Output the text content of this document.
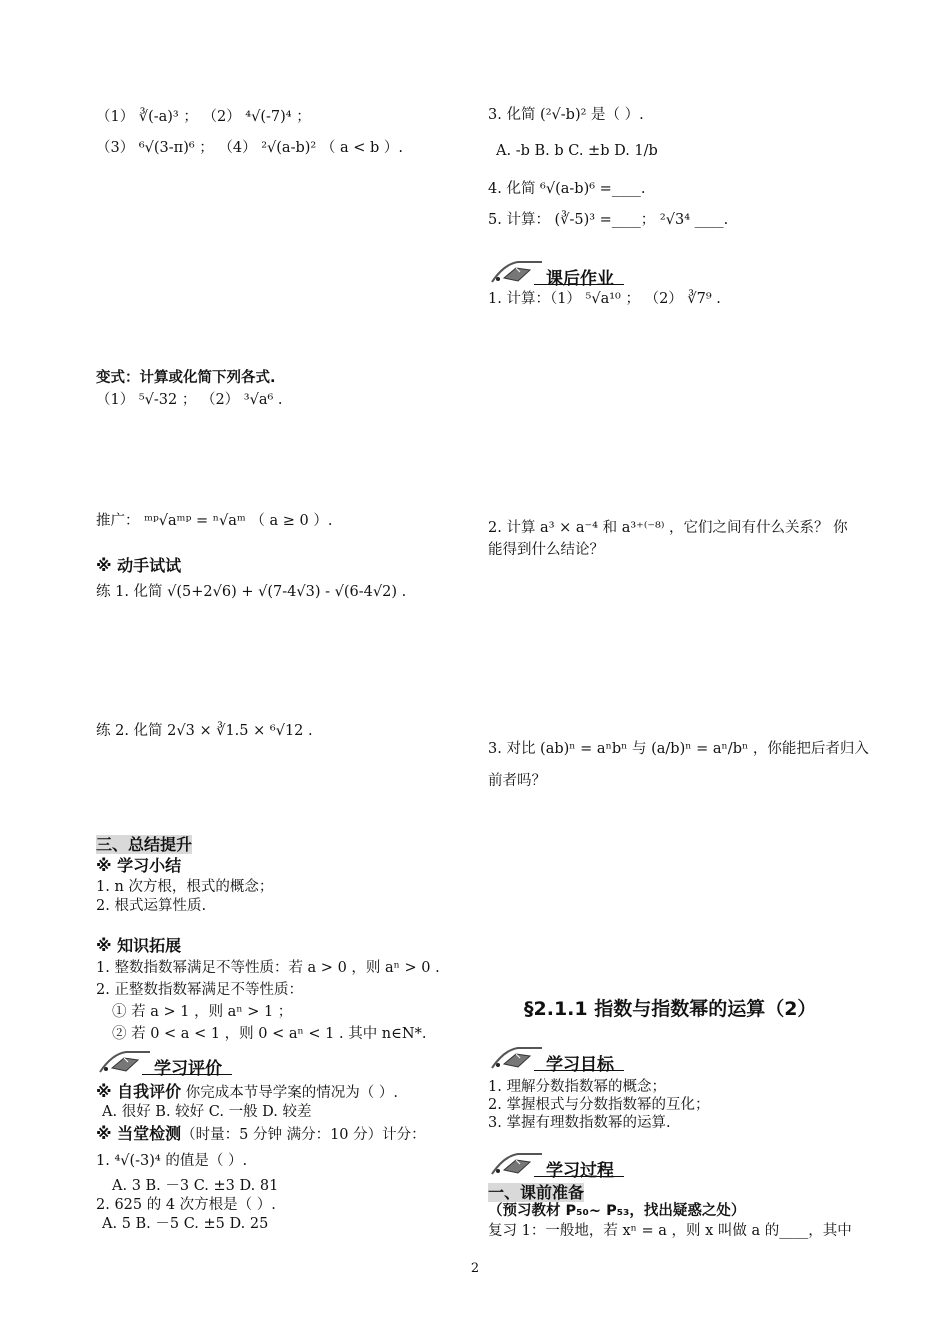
（1） ∛(-a)³ ； （2） ⁴√(-7)⁴ ；
（3） ⁶√(3-π)⁶ ； （4） ²√(a-b)² （ a < b ）.
变式：计算或化简下列各式.
（1） ⁵√-32 ； （2） ³√a⁶ .
推广： ᵐᵖ√aᵐᵖ = ⁿ√aᵐ （ a ≥ 0 ）.
※ 动手试试
练 1. 化简 √(5+2√6) + √(7-4√3) - √(6-4√2) .
练 2. 化简 2√3 × ∛1.5 × ⁶√12 .
三、总结提升
※ 学习小结
1. n 次方根，根式的概念；
2. 根式运算性质.
※ 知识拓展
1. 整数指数幂满足不等性质：若 a > 0 ，则 aⁿ > 0 .
2. 正整数指数幂满足不等性质：
① 若 a > 1 ，则 aⁿ > 1 ；
② 若 0 < a < 1 ，则 0 < aⁿ < 1 . 其中 n∈N*.
学习评价
※ 自我评价 你完成本节导学案的情况为（ ）.
A. 很好 B. 较好 C. 一般 D. 较差
※ 当堂检测（时量：5 分钟 满分：10 分）计分：
1. ⁴√(-3)⁴ 的值是（ ）.
A. 3 B. －3 C. ±3 D. 81
2. 625 的 4 次方根是（ ）.
A. 5 B. －5 C. ±5 D. 25
3. 化简 (²√-b)² 是（ ）.
A. -b B. b C. ±b D. 1/b
4. 化简 ⁶√(a-b)⁶ =____.
5. 计算： (∛-5)³ =____； ²√3⁴ ____.
1. 计算：（1） ⁵√a¹⁰ ； （2） ∛7⁹ .
2. 计算 a³ × a⁻⁴ 和 a³⁺⁽⁻⁸⁾ ，它们之间有什么关系？ 你
能得到什么结论？
3. 对比 (ab)ⁿ = aⁿbⁿ 与 (a/b)ⁿ = aⁿ/bⁿ ，你能把后者归入
前者吗？
1. 理解分数指数幂的概念；
2. 掌握根式与分数指数幂的互化；
3. 掌握有理数指数幂的运算.
一、课前准备
（预习教材 P₅₀~ P₅₃，找出疑惑之处）
复习 1：一般地，若 xⁿ = a ，则 x 叫做 a 的____，其中
课后作业
§2.1.1 指数与指数幂的运算（2）
学习目标
学习过程
2
